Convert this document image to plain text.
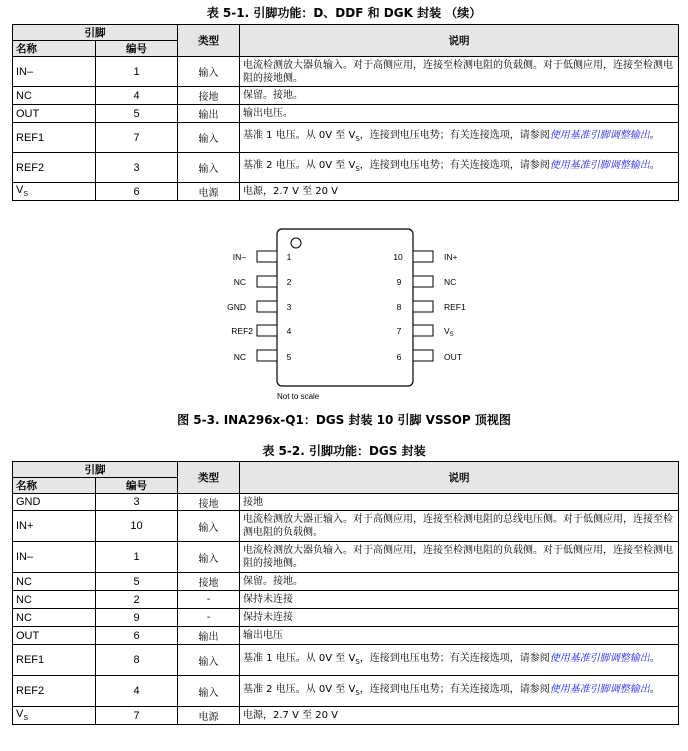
表 5-1. 引脚功能：D、DDF 和 DGK 封装 （续）
引脚		类型	说明
名称	编号		
IN–	1	输入	电流检测放大器负输入。对于高侧应用，连接至检测电阻的负载侧。对于低侧应用，连接至检测电阻的接地侧。
NC	4	接地	保留。接地。
OUT	5	输出	输出电压。
REF1	7	输入	基准 1 电压。从 0V 至 $V_S$，连接到电压电势；有关连接选项，请参阅使用基准引脚调整输出。
REF2	3	输入	基准 2 电压。从 0V 至 $V_S$，连接到电压电势；有关连接选项，请参阅使用基准引脚调整输出。
$V_S$	6	电源	电源，2.7 V 至 20 V
IN–	1
NC	2
GND	3
REF2	4
NC	5
IN+
10
NC
9
REF1
8
$V_S$
7
OUT
6
Not to scale
图 5-3. INA296x-Q1：DGS 封装 10 引脚 VSSOP 顶视图
表 5-2. 引脚功能：DGS 封装
引脚		类型	说明
名称	编号		
GND	3	接地	接地
IN+	10	输入	电流检测放大器正输入。对于高侧应用，连接至检测电阻的总线电压侧。对于低侧应用，连接至检测电阻的负载侧。
IN–	1	输入	电流检测放大器负输入。对于高侧应用，连接至检测电阻的负载侧。对于低侧应用，连接至检测电阻的接地侧。
NC	5	接地	保留。接地。
NC	2	-	保持未连接
NC	9	-	保持未连接
OUT	6	输出	输出电压
REF1	8	输入	基准 1 电压。从 0V 至 $V_S$，连接到电压电势；有关连接选项，请参阅使用基准引脚调整输出。
REF2	4	输入	基准 2 电压。从 0V 至 $V_S$，连接到电压电势；有关连接选项，请参阅使用基准引脚调整输出。
$V_S$	7	电源	电源，2.7 V 至 20 V
